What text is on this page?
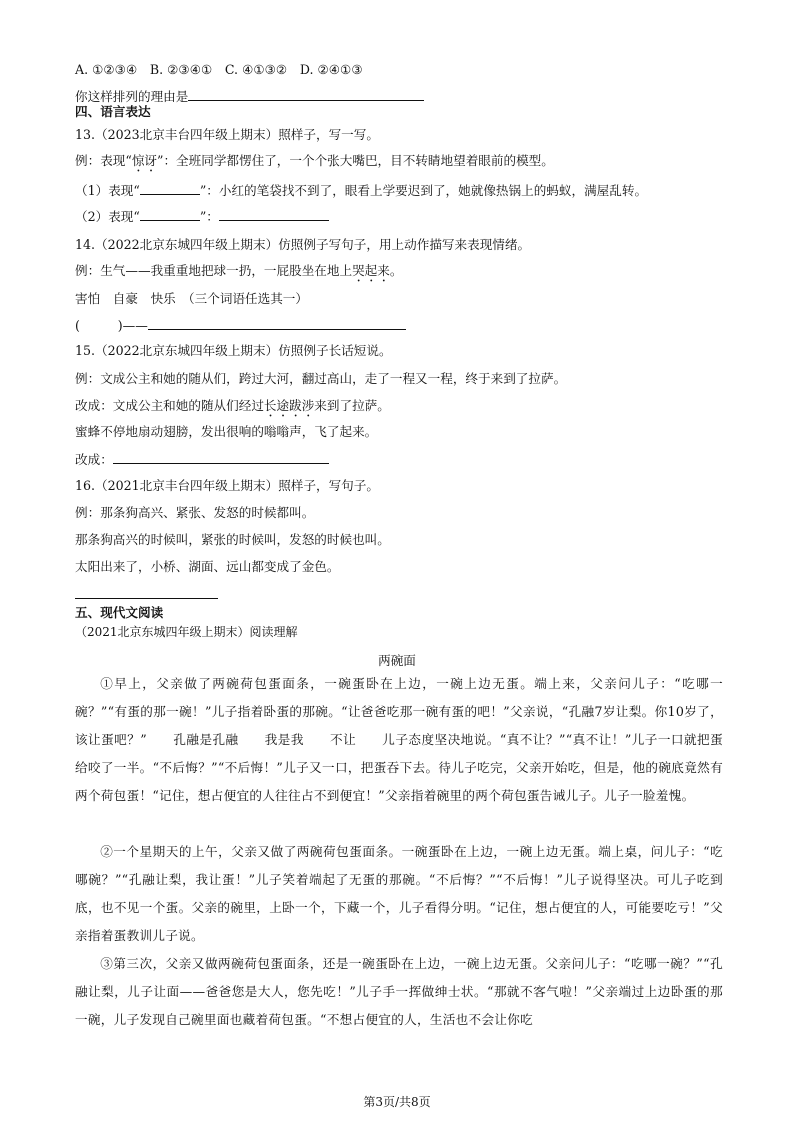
A. ①②③④　B. ②③④①　C. ④①③②　D. ②④①③
你这样排列的理由是
四、语言表达
13.（2023北京丰台四年级上期末）照样子，写一写。
例：表现“惊讶”：全班同学都愣住了，一个个张大嘴巴，目不转睛地望着眼前的模型。
（1）表现“	”：小红的笔袋找不到了，眼看上学要迟到了，她就像热锅上的蚂蚁，满屋乱转。
（2）表现“	”：
14.（2022北京东城四年级上期末）仿照例子写句子，用上动作描写来表现情绪。
例：生气——我重重地把球一扔，一屁股坐在地上哭起来。
害怕　自豪　快乐　（三个词语任选其一）
(　　　)——
15.（2022北京东城四年级上期末）仿照例子长话短说。
例：文成公主和她的随从们，跨过大河，翻过高山，走了一程又一程，终于来到了拉萨。
改成：文成公主和她的随从们经过长途跋涉来到了拉萨。
蜜蜂不停地扇动翅膀，发出很响的嗡嗡声，飞了起来。
改成：
16.（2021北京丰台四年级上期末）照样子，写句子。
例：那条狗高兴、紧张、发怒的时候都叫。
那条狗高兴的时候叫，紧张的时候叫，发怒的时候也叫。
太阳出来了，小桥、湖面、远山都变成了金色。
五、现代文阅读
（2021北京东城四年级上期末）阅读理解
两碗面

①早上，父亲做了两碗荷包蛋面条，一碗蛋卧在上边，一碗上边无蛋。端上来，父亲问儿子：“吃哪一碗？”“有蛋的那一碗！”儿子指着卧蛋的那碗。“让爸爸吃那一碗有蛋的吧！”父亲说，“孔融7岁让梨。你10岁了，该让蛋吧？”　　孔融是孔融　　我是我　　不让　　儿子态度坚决地说。“真不让？”“真不让！”儿子一口就把蛋给咬了一半。“不后悔？”“不后悔！”儿子又一口，把蛋吞下去。待儿子吃完，父亲开始吃，但是，他的碗底竟然有两个荷包蛋！“记住，想占便宜的人往往占不到便宜！”父亲指着碗里的两个荷包蛋告诫儿子。儿子一脸羞愧。

②一个星期天的上午，父亲又做了两碗荷包蛋面条。一碗蛋卧在上边，一碗上边无蛋。端上桌，问儿子：“吃哪碗？”“孔融让梨，我让蛋！”儿子笑着端起了无蛋的那碗。“不后悔？”“不后悔！”儿子说得坚决。可儿子吃到底，也不见一个蛋。父亲的碗里，上卧一个，下藏一个，儿子看得分明。“记住，想占便宜的人，可能要吃亏！”父亲指着蛋教训儿子说。

③第三次，父亲又做两碗荷包蛋面条，还是一碗蛋卧在上边，一碗上边无蛋。父亲问儿子：“吃哪一碗？”“孔融让梨，儿子让面——爸爸您是大人，您先吃！”儿子手一挥做绅士状。“那就不客气啦！”父亲端过上边卧蛋的那一碗，儿子发现自己碗里面也藏着荷包蛋。“不想占便宜的人，生活也不会让你吃

第3页/共8页
